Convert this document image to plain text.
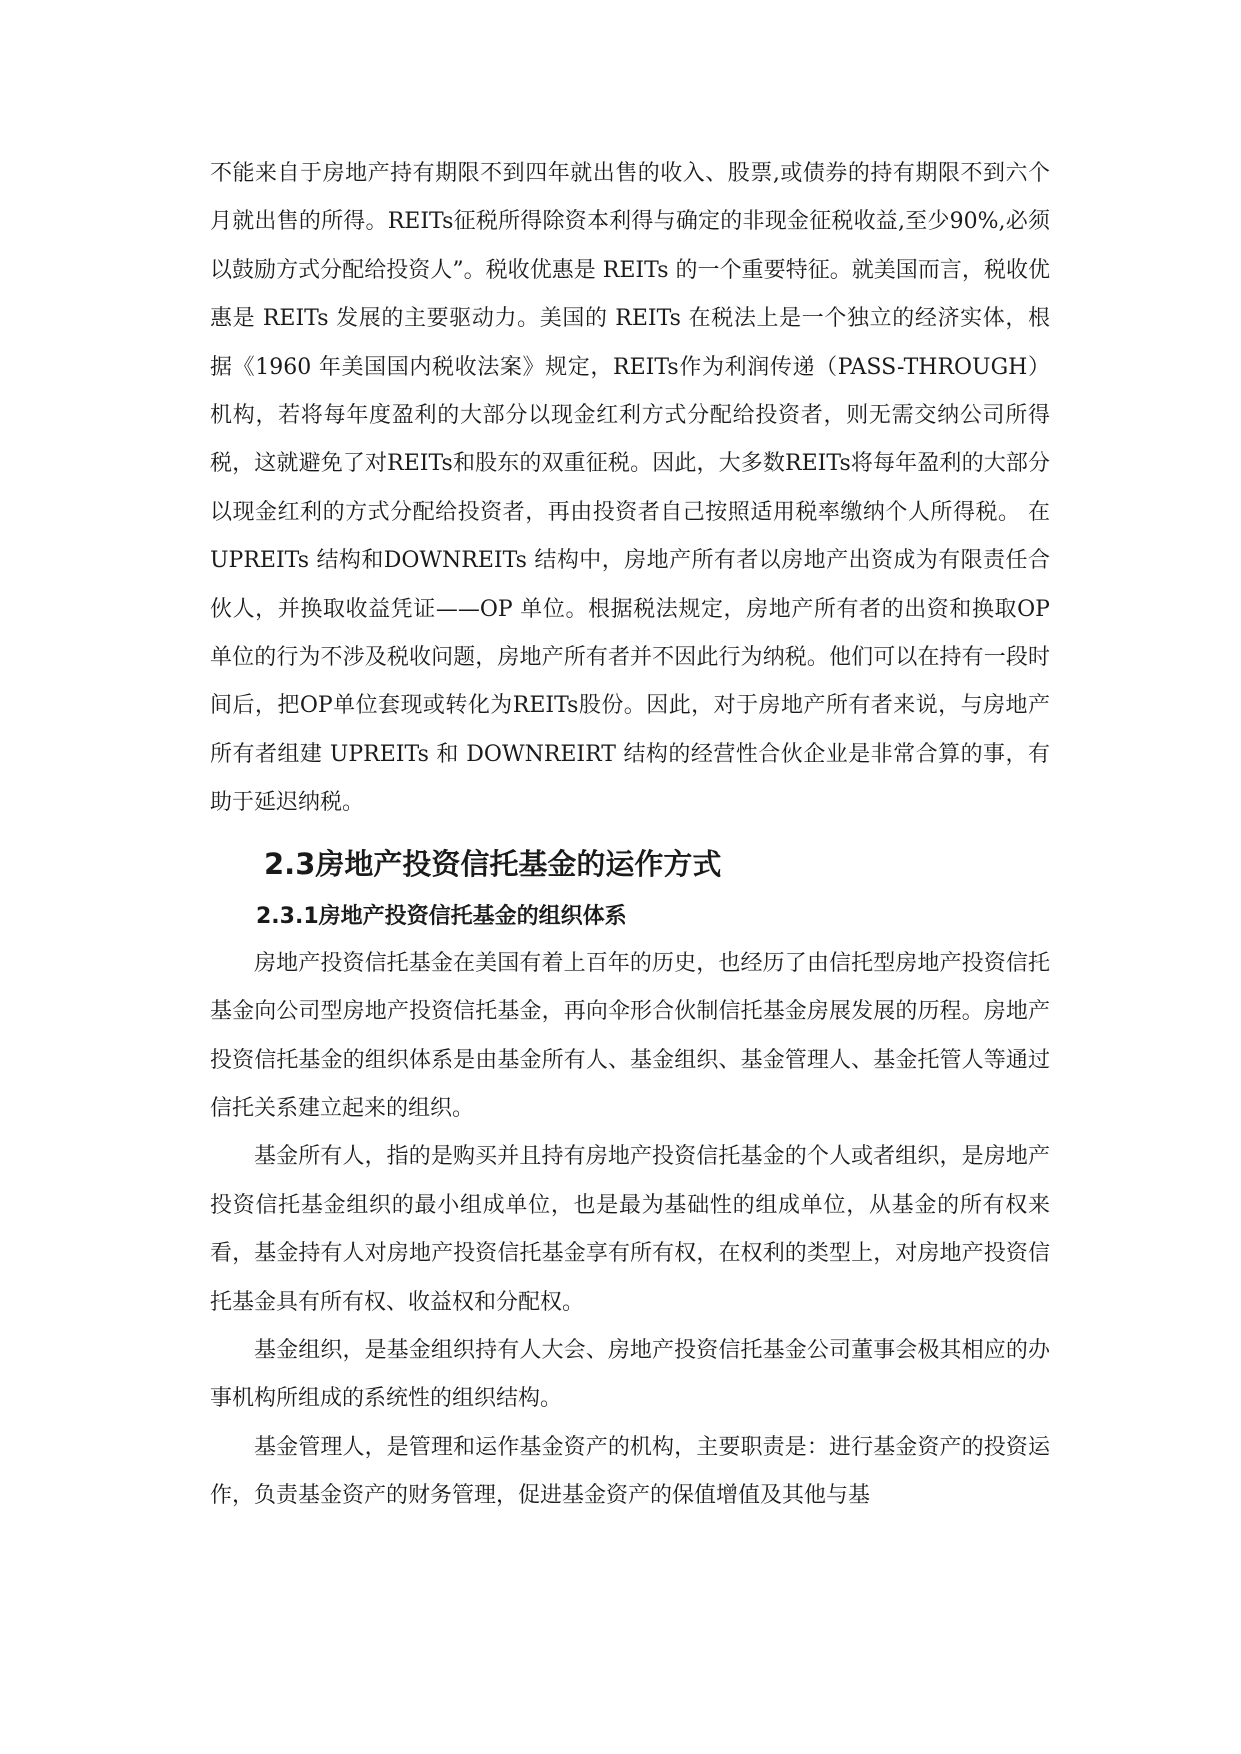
不能来自于房地产持有期限不到四年就出售的收入、股票,或债券的持有期限不到六个月就出售的所得。REITs征税所得除资本利得与确定的非现金征税收益,至少90%,必须以鼓励方式分配给投资人”。税收优惠是 REITs 的一个重要特征。就美国而言，税收优惠是 REITs 发展的主要驱动力。美国的 REITs 在税法上是一个独立的经济实体，根据《1960 年美国国内税收法案》规定，REITs作为利润传递（PASS-THROUGH）机构，若将每年度盈利的大部分以现金红利方式分配给投资者，则无需交纳公司所得税，这就避免了对REITs和股东的双重征税。因此，大多数REITs将每年盈利的大部分以现金红利的方式分配给投资者，再由投资者自己按照适用税率缴纳个人所得税。 在 UPREITs 结构和DOWNREITs 结构中，房地产所有者以房地产出资成为有限责任合伙人，并换取收益凭证——OP 单位。根据税法规定，房地产所有者的出资和换取OP单位的行为不涉及税收问题，房地产所有者并不因此行为纳税。他们可以在持有一段时间后，把OP单位套现或转化为REITs股份。因此，对于房地产所有者来说，与房地产所有者组建 UPREITs 和 DOWNREIRT 结构的经营性合伙企业是非常合算的事，有助于延迟纳税。

2.3房地产投资信托基金的运作方式
2.3.1房地产投资信托基金的组织体系

房地产投资信托基金在美国有着上百年的历史，也经历了由信托型房地产投资信托基金向公司型房地产投资信托基金，再向伞形合伙制信托基金房展发展的历程。房地产投资信托基金的组织体系是由基金所有人、基金组织、基金管理人、基金托管人等通过信托关系建立起来的组织。

基金所有人，指的是购买并且持有房地产投资信托基金的个人或者组织，是房地产投资信托基金组织的最小组成单位，也是最为基础性的组成单位，从基金的所有权来看，基金持有人对房地产投资信托基金享有所有权，在权利的类型上，对房地产投资信托基金具有所有权、收益权和分配权。

基金组织，是基金组织持有人大会、房地产投资信托基金公司董事会极其相应的办事机构所组成的系统性的组织结构。

基金管理人，是管理和运作基金资产的机构，主要职责是：进行基金资产的投资运作，负责基金资产的财务管理，促进基金资产的保值增值及其他与基
